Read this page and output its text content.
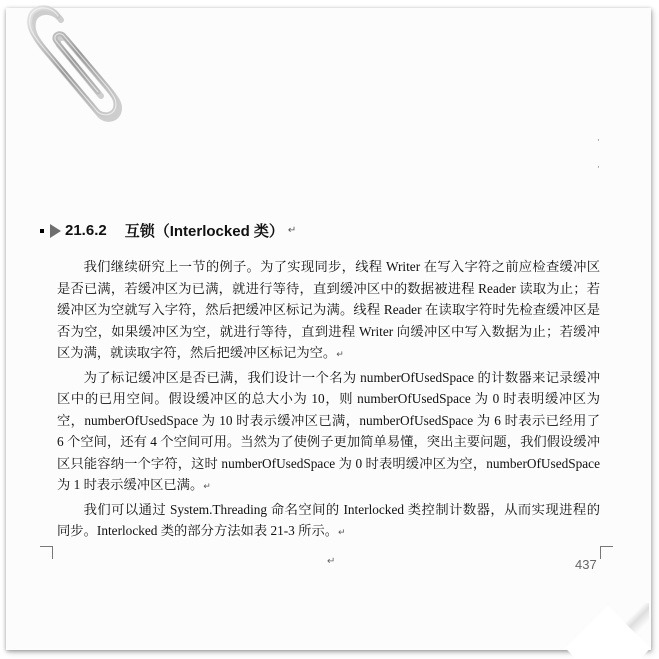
·
·
21.6.2 互锁（Interlocked 类） ↵

我们继续研究上一节的例子。为了实现同步，线程 Writer 在写入字符之前应检查缓冲区是否已满，若缓冲区为已满，就进行等待，直到缓冲区中的数据被进程 Reader 读取为止；若缓冲区为空就写入字符，然后把缓冲区标记为满。线程 Reader 在读取字符时先检查缓冲区是否为空，如果缓冲区为空，就进行等待，直到进程 Writer 向缓冲区中写入数据为止；若缓冲区为满，就读取字符，然后把缓冲区标记为空。↵

为了标记缓冲区是否已满，我们设计一个名为 numberOfUsedSpace 的计数器来记录缓冲区中的已用空间。假设缓冲区的总大小为 10，则 numberOfUsedSpace 为 0 时表明缓冲区为空，numberOfUsedSpace 为 10 时表示缓冲区已满，numberOfUsedSpace 为 6 时表示已经用了 6 个空间，还有 4 个空间可用。当然为了使例子更加简单易懂，突出主要问题，我们假设缓冲区只能容纳一个字符，这时 numberOfUsedSpace 为 0 时表明缓冲区为空，numberOfUsedSpace 为 1 时表示缓冲区已满。↵

我们可以通过 System.Threading 命名空间的 Interlocked 类控制计数器，从而实现进程的同步。Interlocked 类的部分方法如表 21-3 所示。↵

↵	437
